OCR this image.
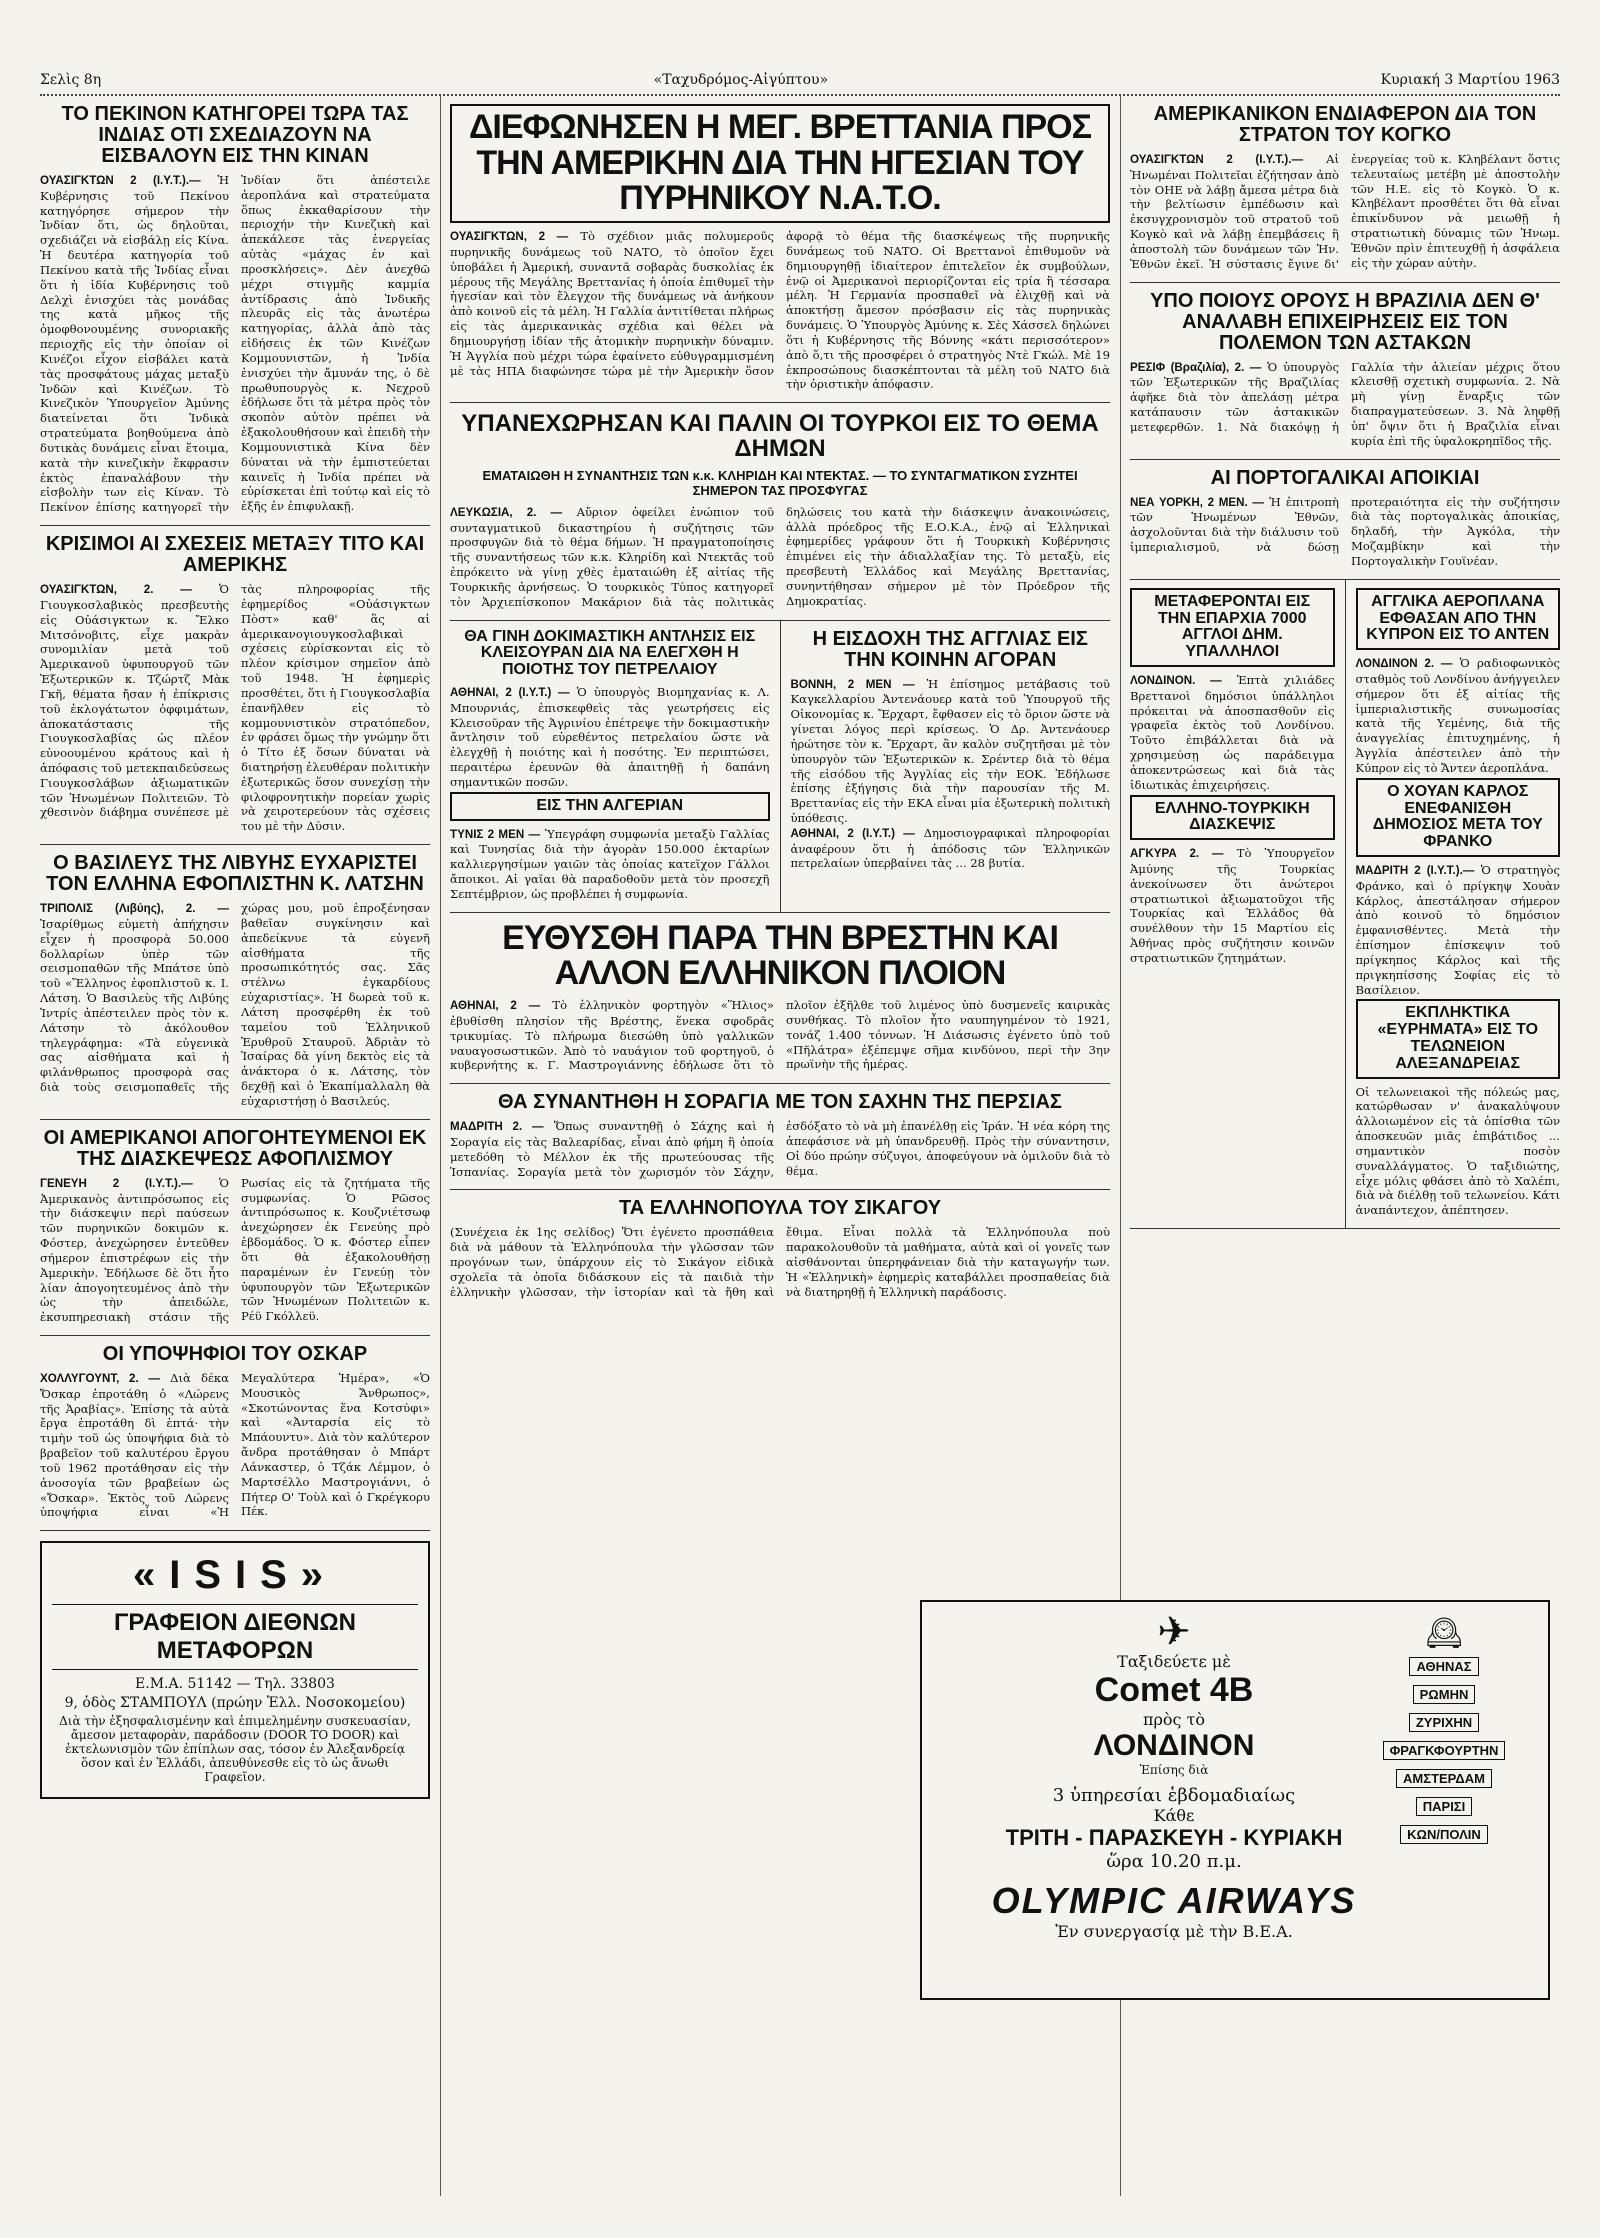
Σελὶς 8η	«Ταχυδρόμος-Αἰγύπτου»	Κυριακή 3 Μαρτίου 1963
ΤΟ ΠΕΚΙΝΟΝ ΚΑΤΗΓΟΡΕΙ ΤΩΡΑ ΤΑΣ ΙΝΔΙΑΣ ΟΤΙ ΣΧΕΔΙΑΖΟΥΝ ΝΑ ΕΙΣΒΑΛΟΥΝ ΕΙΣ ΤΗΝ ΚΙΝΑΝ

ΟΥΑΣΙΓΚΤΩΝ 2 (Ι.Υ.Τ.).— Ἡ Κυβέρνησις τοῦ Πεκίνου κατηγόρησε σήμερον τὴν Ἰνδίαν ὅτι, ὡς δηλοῦται, σχεδιάζει νὰ εἰσβάλῃ εἰς Κίνα. Ἡ δευτέρα κατηγορία τοῦ Πεκίνου κατὰ τῆς Ἰνδίας εἶναι ὅτι ἡ ἰδία Κυβέρνησις τοῦ Δελχὶ ἐνισχύει τὰς μονάδας της κατὰ μῆκος τῆς ὁμοφθονουμένης συνοριακῆς περιοχῆς εἰς τὴν ὁποίαν οἱ Κινέζοι εἶχον εἰσβάλει κατὰ τὰς προσφάτους μάχας μεταξὺ Ἰνδῶν καὶ Κινέζων. Τὸ Κινεζικὸν Ὑπουργεῖον Ἀμύνης διατείνεται ὅτι Ἰνδικὰ στρατεύματα βοηθούμενα ἀπὸ δυτικὰς δυνάμεις εἶναι ἕτοιμα, κατὰ τὴν κινεζικὴν ἔκφρασιν ἐκτὸς ἐπαναλάβουν τὴν εἰσβολὴν των εἰς Κίναν. Τὸ Πεκίνον ἐπίσης κατηγορεῖ τὴν Ἰνδίαν ὅτι ἀπέστειλε ἀεροπλάνα καὶ στρατεύματα ὅπως ἐκκαθαρίσουν τὴν περιοχήν τὴν Κινεζικὴ καὶ ἀπεκάλεσε τὰς ἐνεργείας αὐτὰς «μάχας ἐν καὶ προσκλήσεις». Δὲν ἀνεχθῶ μέχρι στιγμῆς καμμία ἀντίδρασις ἀπὸ Ἰνδικῆς πλευρᾶς εἰς τὰς ἀνωτέρω κατηγορίας, ἀλλὰ ἀπὸ τὰς εἰδήσεις ἐκ τῶν Κινέζων Κομμουνιστῶν, ἡ Ἰνδία ἐνισχύει τὴν ἄμυνάν της, ὁ δὲ πρωθυπουργὸς κ. Νεχροῦ ἐδήλωσε ὅτι τὰ μέτρα πρὸς τὸν σκοπὸν αὐτὸν πρέπει νὰ ἐξακολουθήσουν καὶ ἐπειδὴ τὴν Κομμουνιστικὰ Κίνα δὲν δύναται νὰ τὴν ἐμπιστεύεται καινεῖς ἡ Ἰνδία πρέπει νὰ εὑρίσκεται ἐπὶ τούτῳ καὶ εἰς τὸ ἑξῆς ἐν ἐπιφυλακῇ.

ΚΡΙΣΙΜΟΙ ΑΙ ΣΧΕΣΕΙΣ ΜΕΤΑΞΥ ΤΙΤΟ ΚΑΙ ΑΜΕΡΙΚΗΣ

ΟΥΑΣΙΓΚΤΩΝ, 2. — Ὁ Γιουγκοσλαβικὸς πρεσβευτὴς εἰς Οὐάσιγκτων κ. Ἔλκο Μιτσόνοβιτς, εἶχε μακρὰν συνομιλίαν μετὰ τοῦ Ἀμερικανοῦ ὑφυπουργοῦ τῶν Ἐξωτερικῶν κ. Τζώρτζ Μὰκ Γκῆ, θέματα ἤσαν ἡ ἐπίκρισις τοῦ ἐκλογάτωτον ὀφφιμάτων, ἀποκατάστασις τῆς Γιουγκοσλαβίας ὡς πλέον εὐνοουμένου κράτους καὶ ἡ ἀπόφασις τοῦ μετεκπαιδεύσεως Γιουγκοσλάβων ἀξιωματικῶν τῶν Ἡνωμένων Πολιτειῶν. Τὸ χθεσινὸν διάβημα συνέπεσε μὲ τὰς πληροφορίας τῆς ἐφημερίδος «Οὐάσιγκτων Πὸστ» καθ' ἃς αἱ ἀμερικανογιουγκοσλαβικαὶ σχέσεις εὑρίσκονται εἰς τὸ πλέον κρίσιμον σημεῖον ἀπὸ τοῦ 1948. Ἡ ἐφημερὶς προσθέτει, ὅτι ἡ Γιουγκοσλαβία ἐπανῆλθεν εἰς τὸ κομμουνιστικὸν στρατόπεδον, ἐν φράσει ὅμως τὴν γνώμην ὅτι ὁ Τίτο ἐξ ὅσων δύναται νὰ διατηρήσῃ ἐλευθέραν πολιτικὴν ἐξωτερικῶς ὅσον συνεχίσῃ τὴν φιλοφρονητικὴν πορείαν χωρὶς νὰ χειροτερεύουν τὰς σχέσεις του μὲ τὴν Δύσιν.

Ο ΒΑΣΙΛΕΥΣ ΤΗΣ ΛΙΒΥΗΣ ΕΥΧΑΡΙΣΤΕΙ ΤΟΝ ΕΛΛΗΝΑ ΕΦΟΠΛΙΣΤΗΝ Κ. ΛΑΤΣΗΝ

ΤΡΙΠΟΛΙΣ (Λιβύης), 2. — Ἰσαρίθμως εὐμετὴ ἀπήχησιν εἶχεν ἡ προσφορὰ 50.000 δολλαρίων ὑπὲρ τῶν σεισμοπαθῶν τῆς Μπάτσε ὑπὸ τοῦ «Ἕλληνος ἐφοπλιστοῦ κ. Ι. Λάτση. Ὁ Βασιλεὺς τῆς Λιβύης Ἰντρίς ἀπέστειλεν πρὸς τὸν κ. Λάτσην τὸ ἀκόλουθον τηλεγράφημα: «Τὰ εὐγενικὰ σας αἰσθήματα καὶ ἡ φιλάνθρωπος προσφορὰ σας διὰ τοὺς σεισμοπαθεῖς τῆς χώρας μου, μοῦ ἐπροξένησαν βαθεῖαν συγκίνησιν καὶ ἀπεδείκνυε τὰ εὐγενῆ αἰσθήματα τῆς προσωπικότητός σας. Σᾶς στέλνω ἐγκαρδίους εὐχαριστίας». Ἡ δωρεὰ τοῦ κ. Λάτση προσφέρθη ἐκ τοῦ ταμείου τοῦ Ἑλληνικοῦ Ἐρυθροῦ Σταυροῦ. Ἀδριὰν τὸ Ἰσαίρας δὰ γίνη δεκτὸς εἰς τὰ ἀνάκτορα ὁ κ. Λάτσης, τὸν δεχθῇ καὶ ὁ Ἐκαπίμαλλαλη θὰ εὐχαριστήσῃ ὁ Βασιλεύς.

ΟΙ ΑΜΕΡΙΚΑΝΟΙ ΑΠΟΓΟΗΤΕΥΜΕΝΟΙ ΕΚ ΤΗΣ ΔΙΑΣΚΕΨΕΩΣ ΑΦΟΠΛΙΣΜΟΥ

ΓΕΝΕΥΗ 2 (Ι.Υ.Τ.).— Ὁ Ἀμερικανὸς ἀντιπρόσωπος εἰς τὴν διάσκεψιν περὶ παύσεων τῶν πυρηνικῶν δοκιμῶν κ. Φόστερ, ἀνεχώρησεν ἐντεῦθεν σήμερον ἐπιστρέφων εἰς τὴν Ἀμερικὴν. Ἐδήλωσε δὲ ὅτι ἦτο λίαν ἀπογοητευμένος ἀπὸ τὴν ὡς τὴν ἀπειδώλε, ἐκσυπηρεσιακὴ στάσιν τῆς Ρωσίας εἰς τὰ ζητήματα τῆς συμφωνίας. Ὁ Ρῶσος ἀντιπρόσωπος κ. Κουζνιέτσωφ ἀνεχώρησεν ἐκ Γενεύης πρὸ ἑβδομάδος. Ὁ κ. Φόστερ εἶπεν ὅτι θὰ ἐξακολουθήσῃ παραμένων ἐν Γενεύῃ τὸν ὑφυπουργὸν τῶν Ἐξωτερικῶν τῶν Ἡνωμένων Πολιτειῶν κ. Ρέϋ Γκόλλεϋ.

ΟΙ ΥΠΟΨΗΦΙΟΙ ΤΟΥ ΟΣΚΑΡ

ΧΟΛΛΥΓΟΥΝΤ, 2. — Διὰ δέκα Ὄσκαρ ἐπροτάθη ὁ «Λώρενς τῆς Ἀραβίας». Ἐπίσης τὰ αὐτὰ ἔργα ἐπροτάθη δὶ ἑπτά· τὴν τιμὴν τοῦ ὡς ὑποψήφια διὰ τὸ βραβεῖον τοῦ καλυτέρου ἔργου τοῦ 1962 προτάθησαν εἰς τὴν ἀνοσογία τῶν βραβείων ὡς «Ὄσκαρ». Ἐκτὸς τοῦ Λώρενς ὑποψήφια εἶναι «Ἡ Μεγαλύτερα Ἡμέρα», «Ὁ Μουσικὸς Ἄνθρωπος», «Σκοτώνοντας ἕνα Κοτσύφι» καὶ «Ἀνταρσία εἰς τὸ Μπάουντυ». Διὰ τὸν καλύτερον ἄνδρα προτάθησαν ὁ Μπάρτ Λάνκαστερ, ὁ Τζάκ Λέμμον, ὁ Μαρτσέλλο Μαστρογιάννι, ὁ Πήτερ Ο' Τοὺλ καὶ ὁ Γκρέγκορυ Πέκ.

«ISIS»
ΓΡΑΦΕΙΟΝ ΔΙΕΘΝΩΝ ΜΕΤΑΦΟΡΩΝ
Ε.Μ.Α. 51142 — Τηλ. 33803
9, ὁδὸς ΣΤΑΜΠΟΥΛ (πρώην Ἑλλ. Νοσοκομείου)
Διὰ τὴν ἐξησφαλισμένην καὶ ἐπιμελημένην συσκευασίαν, ἄμεσον μεταφορὰν, παράδοσιν (DOOR TO DOOR) καὶ ἐκτελωνισμὸν τῶν ἐπίπλων σας, τόσον ἐν Ἀλεξανδρείᾳ ὅσον καὶ ἐν Ἑλλάδι, ἀπευθύνεσθε εἰς τὸ ὡς ἄνωθι Γραφεῖον.
ΔΙΕΦΩΝΗΣΕΝ Η ΜΕΓ. ΒΡΕΤΤΑΝΙΑ ΠΡΟΣ ΤΗΝ ΑΜΕΡΙΚΗΝ ΔΙΑ ΤΗΝ ΗΓΕΣΙΑΝ ΤΟΥ ΠΥΡΗΝΙΚΟΥ Ν.Α.Τ.Ο.

ΟΥΑΣΙΓΚΤΩΝ, 2 — Τὸ σχέδιον μιᾶς πολυμεροῦς πυρηνικῆς δυνάμεως τοῦ ΝΑΤΟ, τὸ ὁποῖον ἔχει ὑποβάλει ἡ Ἀμερική, συναντᾶ σοβαρὰς δυσκολίας ἐκ μέρους τῆς Μεγάλης Βρεττανίας ἡ ὁποία ἐπιθυμεῖ τὴν ἡγεσίαν καὶ τὸν ἔλεγχον τῆς δυνάμεως νὰ ἀνήκουν ἀπὸ κοινοῦ εἰς τὰ μέλη. Ἡ Γαλλία ἀντιτίθεται πλήρως εἰς τὰς ἀμερικανικὰς σχέδια καὶ θέλει νὰ δημιουργήσῃ ἰδίαν τῆς ἀτομικὴν πυρηνικὴν δύναμιν. Ἡ Ἀγγλία ποὺ μέχρι τώρα ἐφαίνετο εὐθυγραμμισμένη μὲ τὰς ΗΠΑ διαφώνησε τώρα μὲ τὴν Ἀμερικὴν ὅσον ἀφορᾷ τὸ θέμα τῆς διασκέψεως τῆς πυρηνικῆς δυνάμεως τοῦ ΝΑΤΟ. Οἱ Βρεττανοὶ ἐπιθυμοῦν νὰ δημιουργηθῇ ἰδιαίτερον ἐπιτελεῖον ἐκ συμβούλων, ἐνῷ οἱ Ἀμερικανοὶ περιορίζονται εἰς τρία ἢ τέσσαρα μέλη. Ἡ Γερμανία προσπαθεῖ νὰ ἐλιχθῇ καὶ νὰ ἀποκτήσῃ ἄμεσον πρόσβασιν εἰς τὰς πυρηνικὰς δυνάμεις. Ὁ Ὑπουργὸς Ἀμύνης κ. Σὲς Χάσσελ δηλώνει ὅτι ἡ Κυβέρνησις τῆς Βόννης «κάτι περισσότερον» ἀπὸ ὅ,τι τῆς προσφέρει ὁ στρατηγὸς Ντὲ Γκώλ. Μὲ 19 ἐκπροσώπους διασκέπτονται τὰ μέλη τοῦ ΝΑΤΟ διὰ τὴν ὁριστικὴν ἀπόφασιν.

ΥΠΑΝΕΧΩΡΗΣΑΝ ΚΑΙ ΠΑΛΙΝ ΟΙ ΤΟΥΡΚΟΙ ΕΙΣ ΤΟ ΘΕΜΑ ΔΗΜΩΝ
ΕΜΑΤΑΙΩΘΗ Η ΣΥΝΑΝΤΗΣΙΣ ΤΩΝ κ.κ. ΚΛΗΡΙΔΗ ΚΑΙ ΝΤΕΚΤΑΣ. — ΤΟ ΣΥΝΤΑΓΜΑΤΙΚΟΝ ΣΥΖΗΤΕΙ ΣΗΜΕΡΟΝ ΤΑΣ ΠΡΟΣΦΥΓΑΣ

ΛΕΥΚΩΣΙΑ, 2. — Αὔριον ὀφείλει ἐνώπιον τοῦ συνταγματικοῦ δικαστηρίου ἡ συζήτησις τῶν προσφυγῶν διὰ τὸ θέμα δήμων. Ἡ πραγματοποίησις τῆς συναντήσεως τῶν κ.κ. Κληρίδη καὶ Ντεκτᾶς τοῦ ἐπρόκειτο νὰ γίνῃ χθὲς ἐματαιώθη ἐξ αἰτίας τῆς Τουρκικῆς ἀρνήσεως. Ὁ τουρκικὸς Τύπος κατηγορεῖ τὸν Ἀρχιεπίσκοπον Μακάριον διὰ τὰς πολιτικὰς δηλώσεις του κατὰ τὴν διάσκεψιν ἀνακοινώσεις, ἀλλὰ πρόεδρος τῆς Ε.Ο.Κ.Α., ἐνῷ αἱ Ἑλληνικαὶ ἐφημερίδες γράφουν ὅτι ἡ Τουρκικὴ Κυβέρνησις ἐπιμένει εἰς τὴν ἀδιαλλαξίαν της. Τὸ μεταξὺ, εἰς πρεσβευτὴ Ἐλλάδος καὶ Μεγάλης Βρεττανίας, συνηντήθησαν σήμερον μὲ τὸν Πρόεδρον τῆς Δημοκρατίας.

ΘΑ ΓΙΝΗ ΔΟΚΙΜΑΣΤΙΚΗ ΑΝΤΛΗΣΙΣ ΕΙΣ ΚΛΕΙΣΟΥΡΑΝ ΔΙΑ ΝΑ ΕΛΕΓΧΘΗ Η ΠΟΙΟΤΗΣ ΤΟΥ ΠΕΤΡΕΛΑΙΟΥ

ΑΘΗΝΑΙ, 2 (Ι.Υ.Τ.) — Ὁ ὑπουργὸς Βιομηχανίας κ. Λ. Μπουρνιάς, ἐπισκεφθεὶς τὰς γεωτρήσεις εἰς Κλεισοῦραν τῆς Ἀγρινίου ἐπέτρεψε τὴν δοκιμαστικὴν ἄντλησιν τοῦ εὑρεθέντος πετρελαίου ὥστε νὰ ἐλεγχθῇ ἡ ποιότης καὶ ἡ ποσότης. Ἐν περιπτώσει, περαιτέρω ἐρευνῶν θὰ ἀπαιτηθῇ ἡ δαπάνη σημαντικῶν ποσῶν.

ΕΙΣ ΤΗΝ ΑΛΓΕΡΙΑΝ

ΤΥΝΙΣ 2 ΜΕΝ — Ὑπεγράφη συμφωνία μεταξὺ Γαλλίας καὶ Τυνησίας διὰ τὴν ἀγορὰν 150.000 ἑκταρίων καλλιεργησίμων γαιῶν τὰς ὁποίας κατεῖχον Γάλλοι ἄποικοι. Αἱ γαῖαι θὰ παραδοθοῦν μετὰ τὸν προσεχῆ Σεπτέμβριον, ὡς προβλέπει ἡ συμφωνία.

Η ΕΙΣΔΟΧΗ ΤΗΣ ΑΓΓΛΙΑΣ ΕΙΣ ΤΗΝ ΚΟΙΝΗΝ ΑΓΟΡΑΝ

ΒΟΝΝΗ, 2 ΜΕΝ — Ἡ ἐπίσημος μετάβασις τοῦ Καγκελλαρίου Ἀντενάουερ κατὰ τοῦ Ὑπουργοῦ τῆς Οἰκονομίας κ. Ἔρχαρτ, ἔφθασεν εἰς τὸ ὅριον ὥστε νὰ γίνεται λόγος περὶ κρίσεως. Ὁ Δρ. Ἀντενάουερ ἠρώτησε τὸν κ. Ἔρχαρτ, ἂν καλὸν συζητῆσαι μὲ τὸν ὑπουργὸν τῶν Ἐξωτερικῶν κ. Σρέντερ διὰ τὸ θέμα τῆς εἰσόδου τῆς Ἀγγλίας εἰς τὴν ΕΟΚ. Ἐδήλωσε ἐπίσης ἐξήγησις διὰ τὴν παρουσίαν τῆς Μ. Βρεττανίας εἰς τὴν ΕΚΑ εἶναι μία ἐξωτερικὴ πολιτικὴ ὑπόθεσις.

ΑΘΗΝΑΙ, 2 (Ι.Υ.Τ.) — Δημοσιογραφικαὶ πληροφορίαι ἀναφέρουν ὅτι ἡ ἀπόδοσις τῶν Ἑλληνικῶν πετρελαίων ὑπερβαίνει τὰς ... 28 βυτία.

ΕΥΘΥΣΘΗ ΠΑΡΑ ΤΗΝ ΒΡΕΣΤΗΝ ΚΑΙ ΑΛΛΟΝ ΕΛΛΗΝΙΚΟΝ ΠΛΟΙΟΝ

ΑΘΗΝΑΙ, 2 — Τὸ ἑλληνικὸν φορτηγὸν «Ἥλιος» ἐβυθίσθη πλησίον τῆς Βρέστης, ἕνεκα σφοδρᾶς τρικυμίας. Τὸ πλήρωμα διεσώθη ὑπὸ γαλλικῶν ναυαγοσωστικῶν. Ἀπὸ τὸ ναυάγιον τοῦ φορτηγοῦ, ὁ κυβερνήτης κ. Γ. Μαστρογιάννης ἐδήλωσε ὅτι τὸ πλοῖον ἐξῆλθε τοῦ λιμένος ὑπὸ δυσμενεῖς καιρικὰς συνθήκας. Τὸ πλοῖον ἦτο ναυπηγημένον τὸ 1921, τονάζ 1.400 τόννων. Ἡ Διάσωσις ἐγένετο ὑπὸ τοῦ «Πῆλάτρα» ἐξέπεμψε σῆμα κινδύνου, περὶ τὴν 3ην πρωϊνὴν τῆς ἡμέρας.

ΘΑ ΣΥΝΑΝΤΗΘΗ Η ΣΟΡΑΓΙΑ ΜΕ ΤΟΝ ΣΑΧΗΝ ΤΗΣ ΠΕΡΣΙΑΣ

ΜΑΔΡΙΤΗ 2. — Ὅπως συναντηθῇ ὁ Σάχης καὶ ἡ Σοραγία εἰς τὰς Βαλεαρίδας, εἶναι ἀπὸ φήμη ἣ ὁποία μετεδόθη τὸ Μέλλον ἐκ τῆς πρωτεύουσας τῆς Ἱσπανίας. Σοραγία μετὰ τὸν χωρισμόν τὸν Σάχην, ἐσδόξατο τὸ νὰ μὴ ἐπανέλθῃ εἰς Ἰράν. Ἡ νέα κόρη της ἀπεφάσισε νὰ μὴ ὑπανδρευθῇ. Πρὸς τὴν σύναντησιν, Οἱ δύο πρώην σύζυγοι, ἀποφεύγουν νὰ ὁμιλοῦν διὰ τὸ θέμα.

ΤΑ ΕΛΛΗΝΟΠΟΥΛΑ ΤΟΥ ΣΙΚΑΓΟΥ

(Συνέχεια ἐκ 1ης σελίδος) Ὅτι ἐγένετο προσπάθεια διὰ νὰ μάθουν τὰ Ἑλληνόπουλα τὴν γλῶσσαν τῶν προγόνων των, ὑπάρχουν εἰς τὸ Σικάγον εἰδικὰ σχολεῖα τὰ ὁποῖα διδάσκουν εἰς τὰ παιδιὰ τὴν ἑλληνικὴν γλῶσσαν, τὴν ἱστορίαν καὶ τὰ ἤθη καὶ ἔθιμα. Εἶναι πολλὰ τὰ Ἑλληνόπουλα ποὺ παρακολουθοῦν τὰ μαθήματα, αὐτὰ καὶ οἱ γονεῖς των αἰσθάνονται ὑπερηφάνειαν διὰ τὴν καταγωγήν των. Ἡ «Ἑλληνικὴ» ἐφημερὶς καταβάλλει προσπαθείας διὰ νὰ διατηρηθῇ ἡ Ἑλληνικὴ παράδοσις.

ΑΜΕΡΙΚΑΝΙΚΟΝ ΕΝΔΙΑΦΕΡΟΝ ΔΙΑ ΤΟΝ ΣΤΡΑΤΟΝ ΤΟΥ ΚΟΓΚΟ

ΟΥΑΣΙΓΚΤΩΝ 2 (Ι.Υ.Τ.).— Αἱ Ἡνωμέναι Πολιτεῖαι ἐζήτησαν ἀπὸ τὸν ΟΗΕ νὰ λάβῃ ἄμεσα μέτρα διὰ τὴν βελτίωσιν ἐμπέδωσιν καὶ ἐκσυγχρονισμὸν τοῦ στρατοῦ τοῦ Κογκὸ καὶ νὰ λάβῃ ἐπεμβάσεις ἢ ἀποστολὴ τῶν δυνάμεων τῶν Ἡν. Ἐθνῶν ἐκεῖ. Ἡ σύστασις ἔγινε δι' ἐνεργείας τοῦ κ. Κληβέλαντ ὅστις τελευταίως μετέβη μὲ ἀποστολὴν τῶν Η.Ε. εἰς τὸ Κογκὸ. Ὁ κ. Κληβέλαντ προσθέτει ὅτι θὰ εἶναι ἐπικίνδυνον νὰ μειωθῇ ἡ στρατιωτικὴ δύναμις τῶν Ἡνωμ. Ἐθνῶν πρὶν ἐπιτευχθῇ ἡ ἀσφάλεια εἰς τὴν χώραν αὐτὴν.

ΥΠΟ ΠΟΙΟΥΣ ΟΡΟΥΣ Η ΒΡΑΖΙΛΙΑ ΔΕΝ Θ' ΑΝΑΛΑΒΗ ΕΠΙΧΕΙΡΗΣΕΙΣ ΕΙΣ ΤΟΝ ΠΟΛΕΜΟΝ ΤΩΝ ΑΣΤΑΚΩΝ

ΡΕΣΙΦ (Βραζιλία), 2. — Ὁ ὑπουργὸς τῶν Ἐξωτερικῶν τῆς Βραζιλίας ἀφῆκε διὰ τὸν ἀπελάσῃ μέτρα κατάπαυσιν τῶν ἀστακικῶν μετεφερθῶν. 1. Νὰ διακόψῃ ἡ Γαλλία τὴν ἀλιείαν μέχρις ὅτου κλεισθῇ σχετικὴ συμφωνία. 2. Νὰ μὴ γίνῃ ἔναρξις τῶν διαπραγματεύσεων. 3. Νὰ ληφθῇ ὑπ' ὄψιν ὅτι ἡ Βραζιλία εἶναι κυρία ἐπὶ τῆς ὑφαλοκρηπῖδος τῆς.

ΑΙ ΠΟΡΤΟΓΑΛΙΚΑΙ ΑΠΟΙΚΙΑΙ

ΝΕΑ ΥΟΡΚΗ, 2 ΜΕΝ. — Ἡ ἐπιτροπὴ τῶν Ἡνωμένων Ἐθνῶν, ἀσχολοῦνται διὰ τὴν διάλυσιν τοῦ ἰμπεριαλισμοῦ, νὰ δώσῃ προτεραιότητα εἰς τὴν συζήτησιν διὰ τὰς πορτογαλικὰς ἀποικίας, δηλαδή, τὴν Ἀγκόλα, τὴν Μοζαμβίκην καὶ τὴν Πορτογαλικὴν Γουϊνέαν.

ΜΕΤΑΦΕΡΟΝΤΑΙ ΕΙΣ ΤΗΝ ΕΠΑΡΧΙΑ 7000 ΑΓΓΛΟΙ ΔΗΜ. ΥΠΑΛΛΗΛΟΙ

ΛΟΝΔΙΝΟΝ. — Ἑπτὰ χιλιάδες Βρεττανοὶ δημόσιοι ὑπάλληλοι πρόκειται νὰ ἀποσπασθοῦν εἰς γραφεῖα ἐκτὸς τοῦ Λονδίνου. Τοῦτο ἐπιβάλλεται διὰ νὰ χρησιμεύσῃ ὡς παράδειγμα ἀποκεντρώσεως καὶ διὰ τὰς ἰδιωτικὰς ἐπιχειρήσεις.

ΕΛΛΗΝΟ-ΤΟΥΡΚΙΚΗ ΔΙΑΣΚΕΨΙΣ

ΑΓΚΥΡΑ 2. — Τὸ Ὑπουργεῖον Ἀμύνης τῆς Τουρκίας ἀνεκοίνωσεν ὅτι ἀνώτεροι στρατιωτικοὶ ἀξιωματοῦχοι τῆς Τουρκίας καὶ Ἑλλάδος θὰ συνέλθουν τὴν 15 Μαρτίου εἰς Ἀθήνας πρὸς συζήτησιν κοινῶν στρατιωτικῶν ζητημάτων.

ΑΓΓΛΙΚΑ ΑΕΡΟΠΛΑΝΑ ΕΦΘΑΣΑΝ ΑΠΟ ΤΗΝ ΚΥΠΡΟΝ ΕΙΣ ΤΟ ΑΝΤΕΝ

ΛΟΝΔΙΝΟΝ 2. — Ὁ ραδιοφωνικὸς σταθμὸς τοῦ Λονδίνου ἀνήγγειλεν σήμερον ὅτι ἐξ αἰτίας τῆς ἰμπεριαλιστικῆς συνωμοσίας κατὰ τῆς Υεμένης, διὰ τῆς ἀναγγελίας ἐπιτυχημένης, ἡ Ἀγγλία ἀπέστειλεν ἀπὸ τὴν Κύπρον εἰς τὸ Ἄντεν ἀεροπλάνα.

Ο ΧΟΥΑΝ ΚΑΡΛΟΣ ΕΝΕΦΑΝΙΣΘΗ ΔΗΜΟΣΙΟΣ ΜΕΤΑ ΤΟΥ ΦΡΑΝΚΟ

ΜΑΔΡΙΤΗ 2 (Ι.Υ.Τ.).— Ὁ στρατηγὸς Φράνκο, καὶ ὁ πρίγκηψ Χουὰν Κάρλος, ἀπεστάλησαν σήμερον ἀπὸ κοινοῦ τὸ δημόσιον ἐμφανισθέντες. Μετὰ τὴν ἐπίσημον ἐπίσκεψιν τοῦ πρίγκηπος Κάρλος καὶ τῆς πριγκηπίσσης Σοφίας εἰς τὸ Βασίλειον.

ΕΚΠΛΗΚΤΙΚΑ «ΕΥΡΗΜΑΤΑ» ΕΙΣ ΤΟ ΤΕΛΩΝΕΙΟΝ ΑΛΕΞΑΝΔΡΕΙΑΣ

Οἱ τελωνειακοὶ τῆς πόλεώς μας, κατώρθωσαν ν' ἀνακαλύψουν ἀλλοιωμένον εἰς τὰ ὀπίσθια τῶν ἀποσκευῶν μιᾶς ἐπιβάτιδος ... σημαντικὸν ποσὸν συναλλάγματος. Ὁ ταξιδιώτης, εἶχε μόλις φθάσει ἀπὸ τὸ Χαλέπι, διὰ νὰ διέλθῃ τοῦ τελωνείου. Κάτι ἀναπάντεχον, ἀπέπτησεν.

✈
Ταξιδεύετε μὲ
Comet 4B
πρὸς τὸ
ΛΟΝΔΙΝΟΝ
Ἐπίσης διὰ
3 ὑπηρεσίαι ἑβδομαδιαίως
Κάθε
ΤΡΙΤΗ - ΠΑΡΑΣΚΕΥΗ - ΚΥΡΙΑΚΗ
ὥρα 10.20 π.μ.
OLYMPIC AIRWAYS
Ἐν συνεργασίᾳ μὲ τὴν B.E.A.
🕰
ΑΘΗΝΑΣ
ΡΩΜΗΝ
ΖΥΡΙΧΗΝ
ΦΡΑΓΚΦΟΥΡΤΗΝ
ΑΜΣΤΕΡΔΑΜ
ΠΑΡΙΣΙ
ΚΩΝ/ΠΟΛΙΝ
